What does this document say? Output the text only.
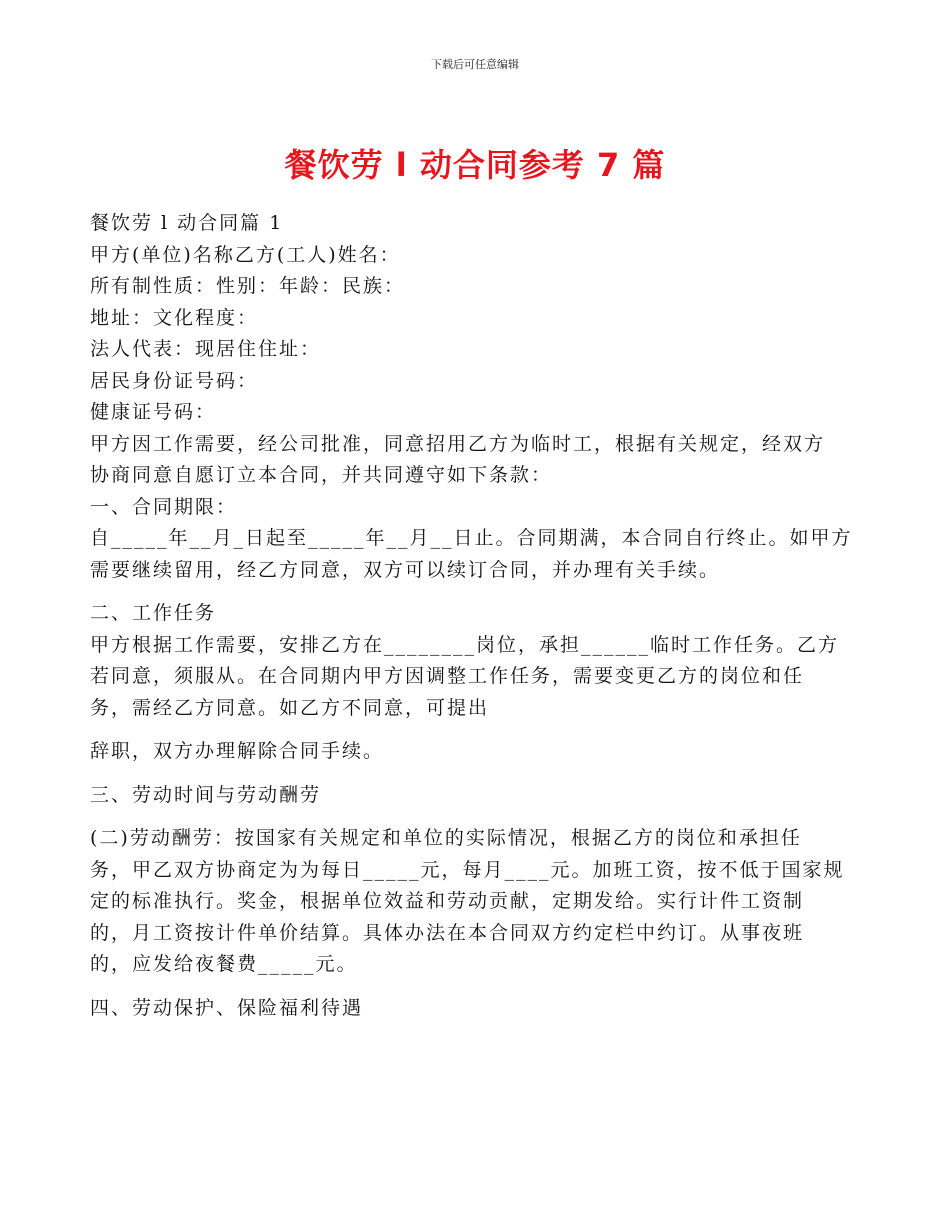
下载后可任意编辑
餐饮劳 l 动合同参考 7 篇

餐饮劳 l 动合同篇 1

甲方(单位)名称乙方(工人)姓名：

所有制性质：性别：年龄：民族：

地址：文化程度：

法人代表：现居住住址：

居民身份证号码：

健康证号码：

甲方因工作需要，经公司批准，同意招用乙方为临时工，根据有关规定，经双方

协商同意自愿订立本合同，并共同遵守如下条款：

一、合同期限：

自_____年__月_日起至_____年__月__日止。合同期满，本合同自行终止。如甲方

需要继续留用，经乙方同意，双方可以续订合同，并办理有关手续。

二、工作任务

甲方根据工作需要，安排乙方在________岗位，承担______临时工作任务。乙方

若同意，须服从。在合同期内甲方因调整工作任务，需要变更乙方的岗位和任

务，需经乙方同意。如乙方不同意，可提出

辞职，双方办理解除合同手续。

三、劳动时间与劳动酬劳

(二)劳动酬劳：按国家有关规定和单位的实际情况，根据乙方的岗位和承担任

务，甲乙双方协商定为为每日_____元，每月____元。加班工资，按不低于国家规

定的标准执行。奖金，根据单位效益和劳动贡献，定期发给。实行计件工资制

的，月工资按计件单价结算。具体办法在本合同双方约定栏中约订。从事夜班

的，应发给夜餐费_____元。

四、劳动保护、保险福利待遇
